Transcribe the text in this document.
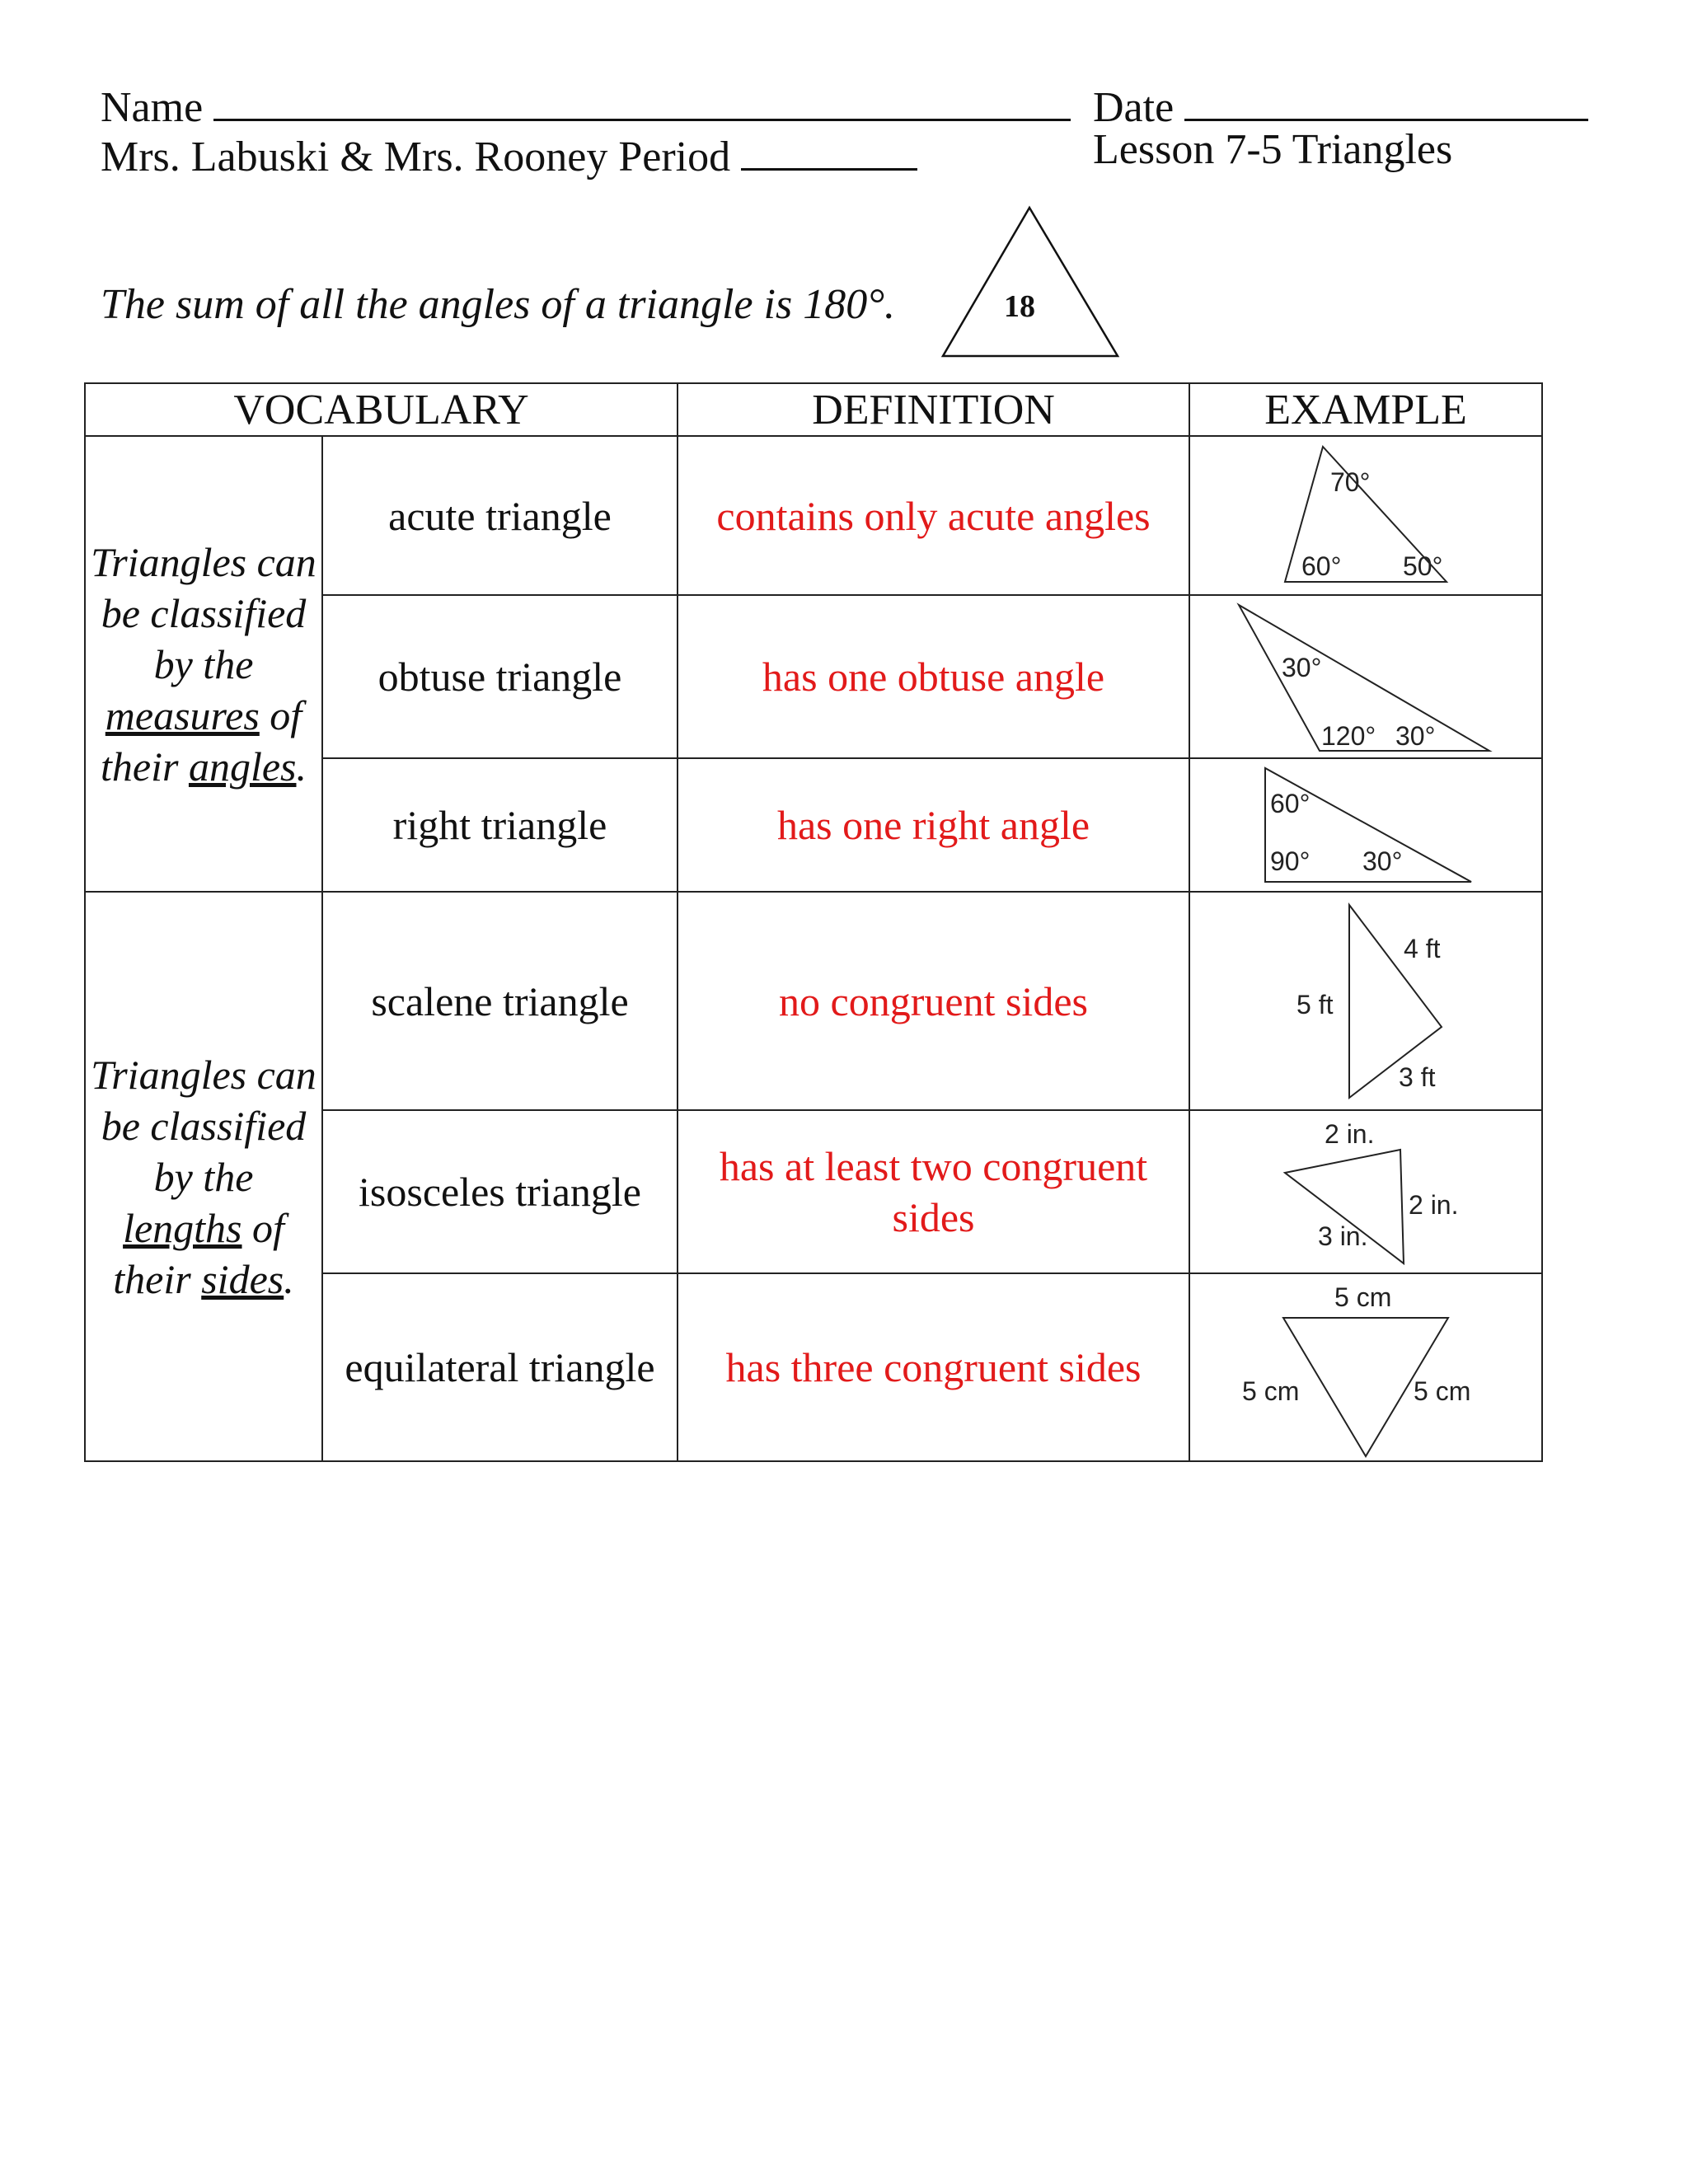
Name	Date
Mrs. Labuski & Mrs. Rooney Period	Lesson 7-5 Triangles
The sum of all the angles of a triangle is 180°.	18
VOCABULARY		DEFINITION	EXAMPLE
Triangles can be classified by the measures of their angles.	acute triangle	contains only acute angles	70°
60° 50°

	obtuse triangle	has one obtuse angle	30°
120° 30°

	right triangle	has one right angle	60°
90° 30°

Triangles can be classified by the lengths of their sides.	scalene triangle	no congruent sides	4 ft
5 ft
3 ft

	isosceles triangle	has at least two congruent sides	2 in.
2 in.
3 in.

	equilateral triangle	has three congruent sides	5 cm
5 cm 5 cm
